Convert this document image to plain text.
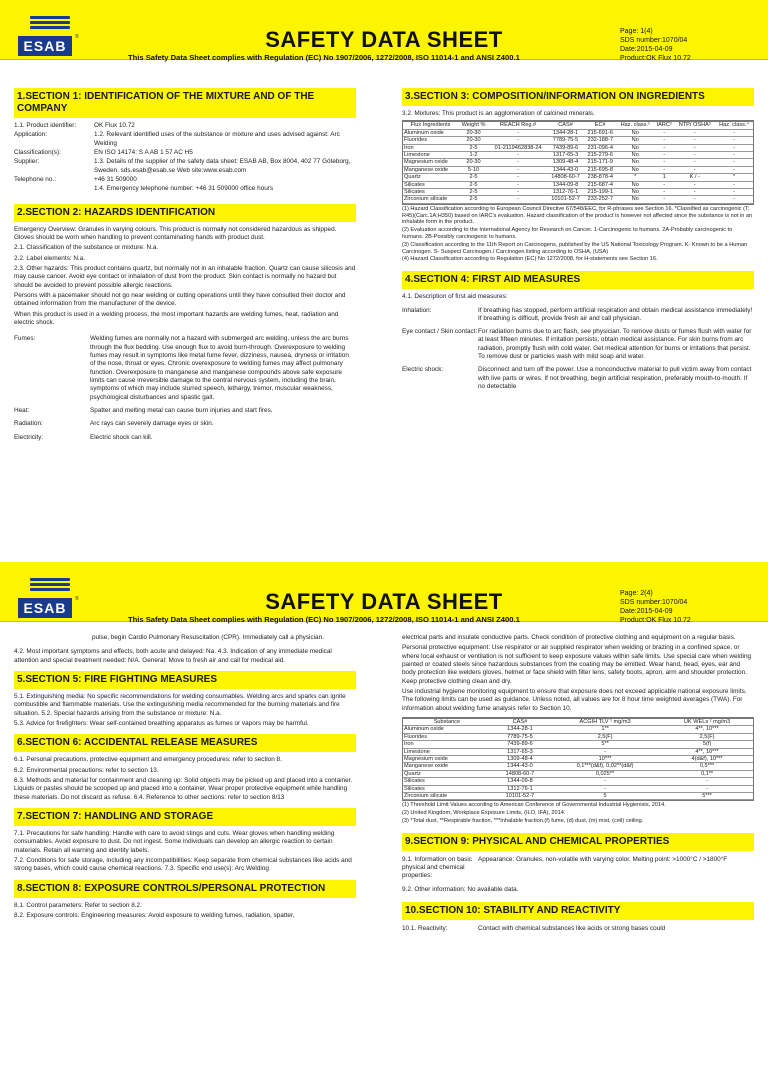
ESAB
®	SAFETY DATA SHEET
This Safety Data Sheet complies with Regulation (EC) No 1907/2006, 1272/2008, ISO 11014-1 and ANSI Z400.1
Page: 1(4)
SDS number:1070/04
Date:2015-04-09
Product:OK Flux 10.72
1.SECTION 1: IDENTIFICATION OF THE MIXTURE AND OF THE COMPANY
1.1. Product identifier:	OK Flux 10.72
Application:	1.2. Relevant identified uses of the substance or mixture and uses advised against: Arc Welding
Classification(s):	EN ISO 14174: S A AB 1 57 AC H5
Supplier:	1.3. Details of the supplier of the safety data sheet: ESAB AB, Box 8004, 402 77 Göteborg, Sweden. sds.esab@esab.se Web site:www.esab.com
Telephone no.:	+46 31 509000
1.4. Emergency telephone number: +46 31 509000 office hours
2.SECTION 2: HAZARDS IDENTIFICATION

Emergency Overview: Granules in varying colours. This product is normally not considered hazardous as shipped. Gloves should be worn when handling to prevent contaminating hands with product dust.

2.1. Classification of the substance or mixture: N.a.

2.2. Label elements: N.a.

2.3. Other hazards: This product contains quartz, but normally not in an inhalable fraction. Quartz can cause silicosis and may cause cancer. Avoid eye contact or inhalation of dust from the product. Skin contact is normally no hazard but should be avoided to prevent possible allergic reactions.

Persons with a pacemaker should not go near welding or cutting operations until they have consulted their doctor and obtained information from the manufacturer of the device.

When this product is used in a welding process, the most important hazards are welding fumes, heat, radiation and electric shock.

Fumes:	Welding fumes are normally not a hazard with submerged arc welding, unless the arc burns through the flux bedding. Use enough flux to avoid burn-through. Overexposure to welding fumes may result in symptoms like metal fume fever, dizziness, nausea, dryness or irritation of the nose, throat or eyes. Chronic overexposure to welding fumes may affect pulmonary function. Overexposure to manganese and manganese compounds above safe exposure limits can cause irreversible damage to the central nervous system, including the brain, symptoms of which may include slurred speech, lethargy, tremor, muscular weakness, psychological disturbances and spastic gait.
Heat:	Spatter and melting metal can cause burn injuries and start fires.
Radiation:	Arc rays can severely damage eyes or skin.
Electricity:	Electric shock can kill.
3.SECTION 3: COMPOSITION/INFORMATION ON INGREDIENTS

3.2. Mixtures: This product is an agglomeration of calcined minerals.

Flux Ingredients	Weight %	REACH Reg.#	CAS#	EC#	Haz. class.¹	IARC²	NTP/ OSHA³	Haz. class.⁴
Aluminum oxide	20-30	-	1344-28-1	215-691-6	No	-	-	-
Fluorides	20-30	-	7789-75-5	232-188-7	No	-	-	-
Iron	2-5	01-2119462838-24	7439-89-6	231-096-4	No	-	-	-
Limestone	1-2	-	1317-65-3	215-279-6	No	-	-	-
Magnesium oxide	20-30	-	1309-48-4	215-171-9	No	-	-	-
Manganese oxide	5-10	-	1344-43-0	215-695-8	No	-	-	-
Quartz	2-5	-	14808-60-7	238-878-4	*	1	K / -	*
Silicates	2-5	-	1344-09-8	215-687-4	No	-	-	-
Silicates	2-5	-	1312-76-1	215-199-1	No	-	-	-
Zirconium silicate	2-5	-	10101-52-7	233-252-7	No	-	-	-

(1) Hazard Classification according to European Council Directive 67/548/EEC, for R-phrases see Section 16. *Classified as carcinogenic (T; R45)(Carc.1A;H350) based on IARC's evaluation. Hazard classification of the product is however not affected since the substance is not in an inhalable form in the product.

(2) Evaluation according to the International Agency for Research on Cancer. 1-Carcinogenic to humans. 2A-Probably carcinogenic to humans. 2B-Possibly carcinogenic to humans.

(3) Classification according to the 11th Report on Carcinogens, published by the US National Toxicology Program. K- Known to be a Human Carcinogen. S- Suspect Carcinogen./ Carcinogen listing according to OSHA, (USA)

(4) Hazard Classification according to Regulation (EC) No 1272/2008, for H-statements see Section 16.

4.SECTION 4: FIRST AID MEASURES

4.1. Description of first aid measures:

Inhalation:	If breathing has stopped, perform artificial respiration and obtain medical assistance immediately! If breathing is difficult, provide fresh air and call physician.
Eye contact / Skin contact: For radiation burns due to arc flash, see physician. To remove dusts or fumes flush with water for at least fifteen minutes. If irritation persists, obtain medical assistance. For skin burns from arc radiation, promptly flush with cold water. Get medical attention for burns or irritations that persist. To remove dust or particles wash with mild soap and water.
Electric shock:	Disconnect and turn off the power. Use a nonconductive material to pull victim away from contact with live parts or wires. If not breathing, begin artificial respiration, preferably mouth-to-mouth. If no detectable
ESAB
®	SAFETY DATA SHEET
This Safety Data Sheet complies with Regulation (EC) No 1907/2006, 1272/2008, ISO 11014-1 and ANSI Z400.1
Page: 2(4)
SDS number:1070/04
Date:2015-04-09
Product:OK Flux 10.72

pulse, begin Cardio Pulmonary Resuscitation (CPR). Immediately call a physician.

4.2. Most important symptoms and effects, both acute and delayed: Na. 4.3. Indication of any immediate medical attention and special treatment needed: N/A. General: Move to fresh air and call for medical aid.

5.SECTION 5: FIRE FIGHTING MEASURES

5.1. Extinguishing media: No specific recommendations for welding consumables. Welding arcs and sparks can ignite combustible and flammable materials. Use the extinguishing media recommended for the burning materials and fire situation. 5.2. Special hazards arising from the substance or mixture: N.a.

5.3. Advice for firefighters: Wear self-contained breathing apparatus as fumes or vapors may be harmful.

6.SECTION 6: ACCIDENTAL RELEASE MEASURES

6.1. Personal precautions, protective equipment and emergency procedures: refer to section 8.

6.2. Environmental precautions: refer to section 13.

6.3. Methods and material for containment and cleaning up: Solid objects may be picked up and placed into a container. Liquids or pastes should be scooped up and placed into a container. Wear proper protective equipment while handling these materials. Do not discard as refuse. 6.4. Reference to other sections: refer to section 8/13

7.SECTION 7: HANDLING AND STORAGE

7.1. Precautions for safe handling: Handle with care to avoid stings and cuts. Wear gloves when handling welding consumables. Avoid exposure to dust. Do not ingest. Some individuals can develop an allergic reaction to certain materials. Retain all warning and identity labels.

7.2. Conditions for safe storage, including any incompatibilities: Keep separate from chemical substances like acids and strong bases, which could cause chemical reactions. 7.3. Specific end use(s): Arc Welding

8.SECTION 8: EXPOSURE CONTROLS/PERSONAL PROTECTION

8.1. Control parameters: Refer to section 8.2.

8.2. Exposure controls: Engineering measures: Avoid exposure to welding fumes, radiation, spatter,

electrical parts and insulate conductive parts. Check condition of protective clothing and equipment on a regular basis.

Personal protective equipment: Use respirator or air supplied respirator when welding or brazing in a confined space, or where local exhaust or ventilation is not sufficient to keep exposure values within safe limits. Use special care when welding painted or coated steels since hazardous substances from the coating may be emitted. Wear hand, head, eyes, ear and body protection like welders gloves, helmet or face shield with filter lens, safety boots, apron, arm and shoulder protection. Keep protective clothing clean and dry.

Use industrial hygiene monitoring equipment to ensure that exposure does not exceed applicable national exposure limits. The following limits can be used as guidance. Unless noted, all values are for 8 hour time weighted averages (TWA). For information about welding fume analysis refer to Section 10.

Substance	CAS#	ACGIH TLV ¹ mg/m3	UK WELs ² mg/m3
Aluminum oxide	1344-28-1	1**	4**, 10***
Fluorides	7789-75-5	2,5(F)	2,5(F)
Iron	7439-89-6	5**	5(f)
Limestone	1317-65-3	-	4**, 10***
Magnesium oxide	1309-48-4	10***	4(d&f), 10***
Manganese oxide	1344-43-0	0,1***(d&f), 0,02**(d&f)	0,5***
Quartz	14808-60-7	0,025**	0,1**
Silicates	1344-09-8	-	-
Silicates	1312-76-1	-	-
Zirconium silicate	10101-52-7	5	5***

(1) Threshold Limit Values according to American Conference of Governmental Industrial Hygienists, 2014.

(2) United Kingdom, Workplace Exposure Limits, (ILO, IFA), 2014.

(3) *Total dust, **Respirable fraction, ***Inhalable fraction.(f) fume, (d) dust, (m) mist, (ceil) ceiling.

9.SECTION 9: PHYSICAL AND CHEMICAL PROPERTIES
9.1. Information on basic physical and chemical properties:
Appearance: Granules, non-volatile with varying color. Melting point: >1000°C / >1800°F

9.2. Other information: No available data.

10.SECTION 10: STABILITY AND REACTIVITY
10.1. Reactivity:	Contact with chemical substances like acids or strong bases could
